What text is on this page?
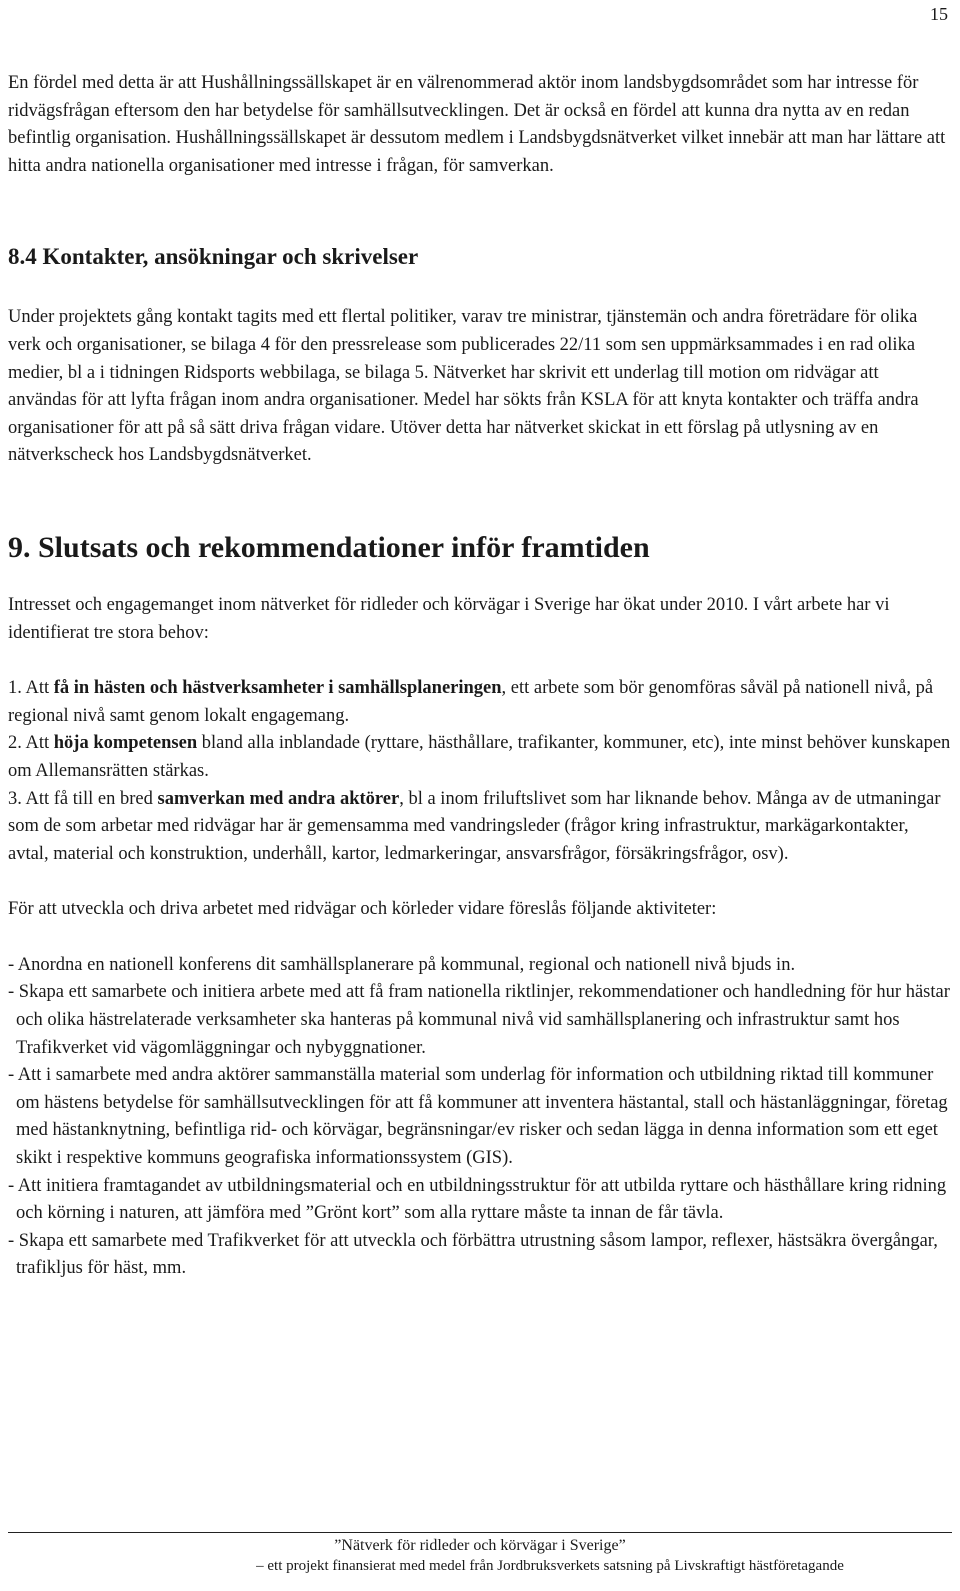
15

En fördel med detta är att Hushållningssällskapet är en välrenommerad aktör inom landsbygdsområdet som har intresse för ridvägsfrågan eftersom den har betydelse för samhällsutvecklingen. Det är också en fördel att kunna dra nytta av en redan befintlig organisation. Hushållningssällskapet är dessutom medlem i Landsbygdsnätverket vilket innebär att man har lättare att hitta andra nationella organisationer med intresse i frågan, för samverkan.

8.4 Kontakter, ansökningar och skrivelser

Under projektets gång kontakt tagits med ett flertal politiker, varav tre ministrar, tjänstemän och andra företrädare för olika verk och organisationer, se bilaga 4 för den pressrelease som publicerades 22/11 som sen uppmärksammades i en rad olika medier, bl a i tidningen Ridsports webbilaga, se bilaga 5. Nätverket har skrivit ett underlag till motion om ridvägar att användas för att lyfta frågan inom andra organisationer. Medel har sökts från KSLA för att knyta kontakter och träffa andra organisationer för att på så sätt driva frågan vidare. Utöver detta har nätverket skickat in ett förslag på utlysning av en nätverkscheck hos Landsbygdsnätverket.

9. Slutsats och rekommendationer inför framtiden

Intresset och engagemanget inom nätverket för ridleder och körvägar i Sverige har ökat under 2010. I vårt arbete har vi identifierat tre stora behov:

1. Att få in hästen och hästverksamheter i samhällsplaneringen, ett arbete som bör genomföras såväl på nationell nivå, på regional nivå samt genom lokalt engagemang.

2. Att höja kompetensen bland alla inblandade (ryttare, hästhållare, trafikanter, kommuner, etc), inte minst behöver kunskapen om Allemansrätten stärkas.

3. Att få till en bred samverkan med andra aktörer, bl a inom friluftslivet som har liknande behov. Många av de utmaningar som de som arbetar med ridvägar har är gemensamma med vandringsleder (frågor kring infrastruktur, markägarkontakter, avtal, material och konstruktion, underhåll, kartor, ledmarkeringar, ansvarsfrågor, försäkringsfrågor, osv).

För att utveckla och driva arbetet med ridvägar och körleder vidare föreslås följande aktiviteter:

- Anordna en nationell konferens dit samhällsplanerare på kommunal, regional och nationell nivå bjuds in.

- Skapa ett samarbete och initiera arbete med att få fram nationella riktlinjer, rekommendationer och handledning för hur hästar och olika hästrelaterade verksamheter ska hanteras på kommunal nivå vid samhällsplanering och infrastruktur samt hos Trafikverket vid vägomläggningar och nybyggnationer.

- Att i samarbete med andra aktörer sammanställa material som underlag för information och utbildning riktad till kommuner om hästens betydelse för samhällsutvecklingen för att få kommuner att inventera hästantal, stall och hästanläggningar, företag med hästanknytning, befintliga rid- och körvägar, begränsningar/ev risker och sedan lägga in denna information som ett eget skikt i respektive kommuns geografiska informationssystem (GIS).

- Att initiera framtagandet av utbildningsmaterial och en utbildningsstruktur för att utbilda ryttare och hästhållare kring ridning och körning i naturen, att jämföra med ”Grönt kort” som alla ryttare måste ta innan de får tävla.

- Skapa ett samarbete med Trafikverket för att utveckla och förbättra utrustning såsom lampor, reflexer, hästsäkra övergångar, trafikljus för häst, mm.

”Nätverk för ridleder och körvägar i Sverige”
– ett projekt finansierat med medel från Jordbruksverkets satsning på Livskraftigt hästföretagande
